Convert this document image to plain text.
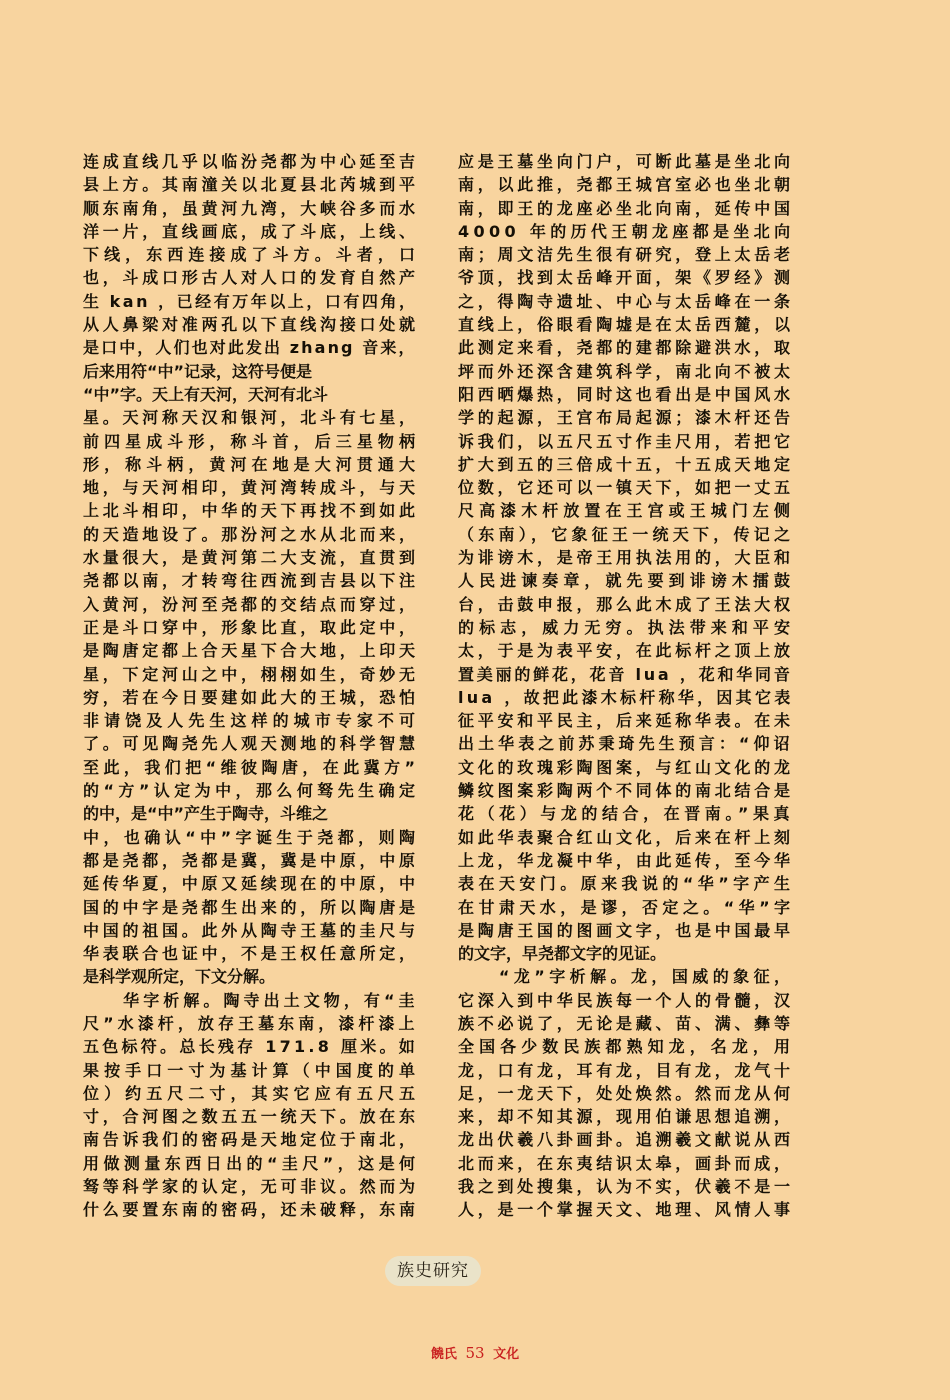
连成直线几乎以临汾尧都为中心延至吉
县上方。其南潼关以北夏县北芮城到平
顺东南角，虽黄河九湾，大峡谷多而水
洋一片，直线画底，成了斗底，上线、
下线，东西连接成了斗方。斗者，口
也，斗成口形古人对人口的发育自然产
生 kan ，已经有万年以上，口有四角，
从人鼻梁对准两孔以下直线沟接口处就
是口中，人们也对此发出 zhang 音来，
后来用符“中”记录，这符号便是
“中”字。天上有天河，天河有北斗
星。天河称天汉和银河，北斗有七星，
前四星成斗形，称斗首，后三星物柄
形，称斗柄，黄河在地是大河贯通大
地，与天河相印，黄河湾转成斗，与天
上北斗相印，中华的天下再找不到如此
的天造地设了。那汾河之水从北而来，
水量很大，是黄河第二大支流，直贯到
尧都以南，才转弯往西流到吉县以下注
入黄河，汾河至尧都的交结点而穿过，
正是斗口穿中，形象比直，取此定中，
是陶唐定都上合天星下合大地，上印天
星，下定河山之中，栩栩如生，奇妙无
穷，若在今日要建如此大的王城，恐怕
非请饶及人先生这样的城市专家不可
了。可见陶尧先人观天测地的科学智慧
至此，我们把“维彼陶唐，在此冀方”
的“方”认定为中，那么何驽先生确定
的中，是“中”产生于陶寺，斗维之
中，也确认“中”字诞生于尧都，则陶
都是尧都，尧都是冀，冀是中原，中原
延传华夏，中原又延续现在的中原，中
国的中字是尧都生出来的，所以陶唐是
中国的祖国。此外从陶寺王墓的圭尺与
华表联合也证中，不是王权任意所定，
是科学观所定，下文分解。
　　华字析解。陶寺出土文物，有“圭
尺”水漆杆，放存王墓东南，漆杆漆上
五色标符。总长残存 171.8 厘米。如
果按手口一寸为基计算（中国度的单
位）约五尺二寸，其实它应有五尺五
寸，合河图之数五五一统天下。放在东
南告诉我们的密码是天地定位于南北，
用做测量东西日出的“圭尺”，这是何
驽等科学家的认定，无可非议。然而为
什么要置东南的密码，还未破释，东南
应是王墓坐向门户，可断此墓是坐北向
南，以此推，尧都王城宫室必也坐北朝
南，即王的龙座必坐北向南，延传中国
4000 年的历代王朝龙座都是坐北向
南；周文洁先生很有研究，登上太岳老
爷顶，找到太岳峰开面，架《罗经》测
之，得陶寺遗址、中心与太岳峰在一条
直线上，俗眼看陶墟是在太岳西麓，以
此测定来看，尧都的建都除避洪水，取
坪而外还深含建筑科学，南北向不被太
阳西晒爆热，同时这也看出是中国风水
学的起源，王宫布局起源；漆木杆还告
诉我们，以五尺五寸作圭尺用，若把它
扩大到五的三倍成十五，十五成天地定
位数，它还可以一镇天下，如把一丈五
尺高漆木杆放置在王宫或王城门左侧
（东南），它象征王一统天下，传记之
为诽谤木，是帝王用执法用的，大臣和
人民进谏奏章，就先要到诽谤木擂鼓
台，击鼓申报，那么此木成了王法大权
的标志，威力无穷。执法带来和平安
太，于是为表平安，在此标杆之顶上放
置美丽的鲜花，花音 lua ，花和华同音
lua ，故把此漆木标杆称华，因其它表
征平安和平民主，后来延称华表。在未
出土华表之前苏秉琦先生预言：“仰诏
文化的玫瑰彩陶图案，与红山文化的龙
鳞纹图案彩陶两个不同体的南北结合是
花（花）与龙的结合，在晋南。”果真
如此华表聚合红山文化，后来在杆上刻
上龙，华龙凝中华，由此延传，至今华
表在天安门。原来我说的“华”字产生
在甘肃天水，是谬，否定之。“华”字
是陶唐王国的图画文字，也是中国最早
的文字，早尧都文字的见证。
　　“龙”字析解。龙，国威的象征，
它深入到中华民族每一个人的骨髓，汉
族不必说了，无论是藏、苗、满、彝等
全国各少数民族都熟知龙，名龙，用
龙，口有龙，耳有龙，目有龙，龙气十
足，一龙天下，处处焕然。然而龙从何
来，却不知其源，现用伯谦思想追溯，
龙出伏羲八卦画卦。追溯羲文献说从西
北而来，在东夷结识太皋，画卦而成，
我之到处搜集，认为不实，伏羲不是一
人，是一个掌握天文、地理、风情人事
族史研究
饒氏 53 文化
